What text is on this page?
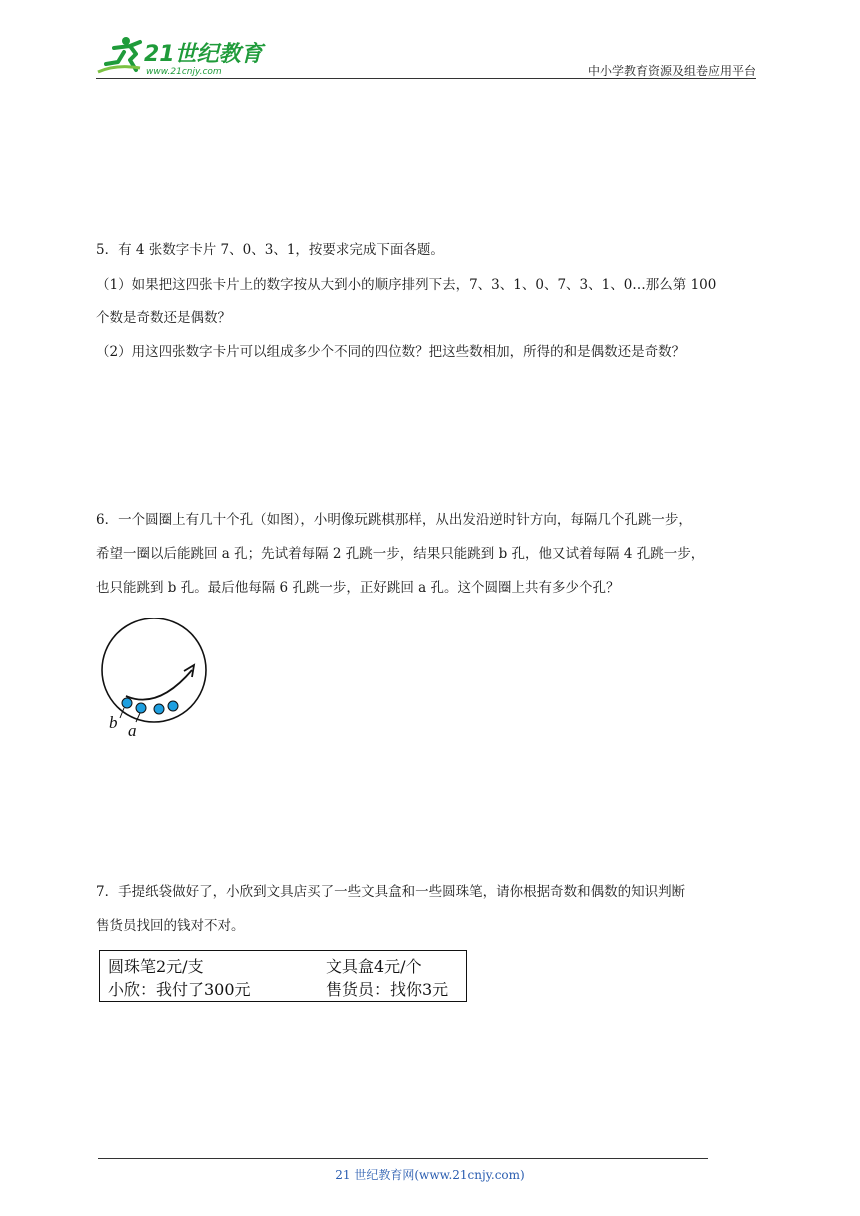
21世纪教育
www.21cnjy.com	中小学教育资源及组卷应用平台
5．有 4 张数字卡片 7、0、3、1，按要求完成下面各题。
（1）如果把这四张卡片上的数字按从大到小的顺序排列下去，7、3、1、0、7、3、1、0…那么第 100
个数是奇数还是偶数？
（2）用这四张数字卡片可以组成多少个不同的四位数？把这些数相加，所得的和是偶数还是奇数？
6．一个圆圈上有几十个孔（如图），小明像玩跳棋那样，从出发沿逆时针方向，每隔几个孔跳一步，
希望一圈以后能跳回 a 孔；先试着每隔 2 孔跳一步，结果只能跳到 b 孔，他又试着每隔 4 孔跳一步，
也只能跳到 b 孔。最后他每隔 6 孔跳一步，正好跳回 a 孔。这个圆圈上共有多少个孔？
b a
7．手提纸袋做好了，小欣到文具店买了一些文具盒和一些圆珠笔，请你根据奇数和偶数的知识判断
售货员找回的钱对不对。
圆珠笔2元/支	文具盒4元/个
小欣：我付了300元	售货员：找你3元
21 世纪教育网(www.21cnjy.com)
